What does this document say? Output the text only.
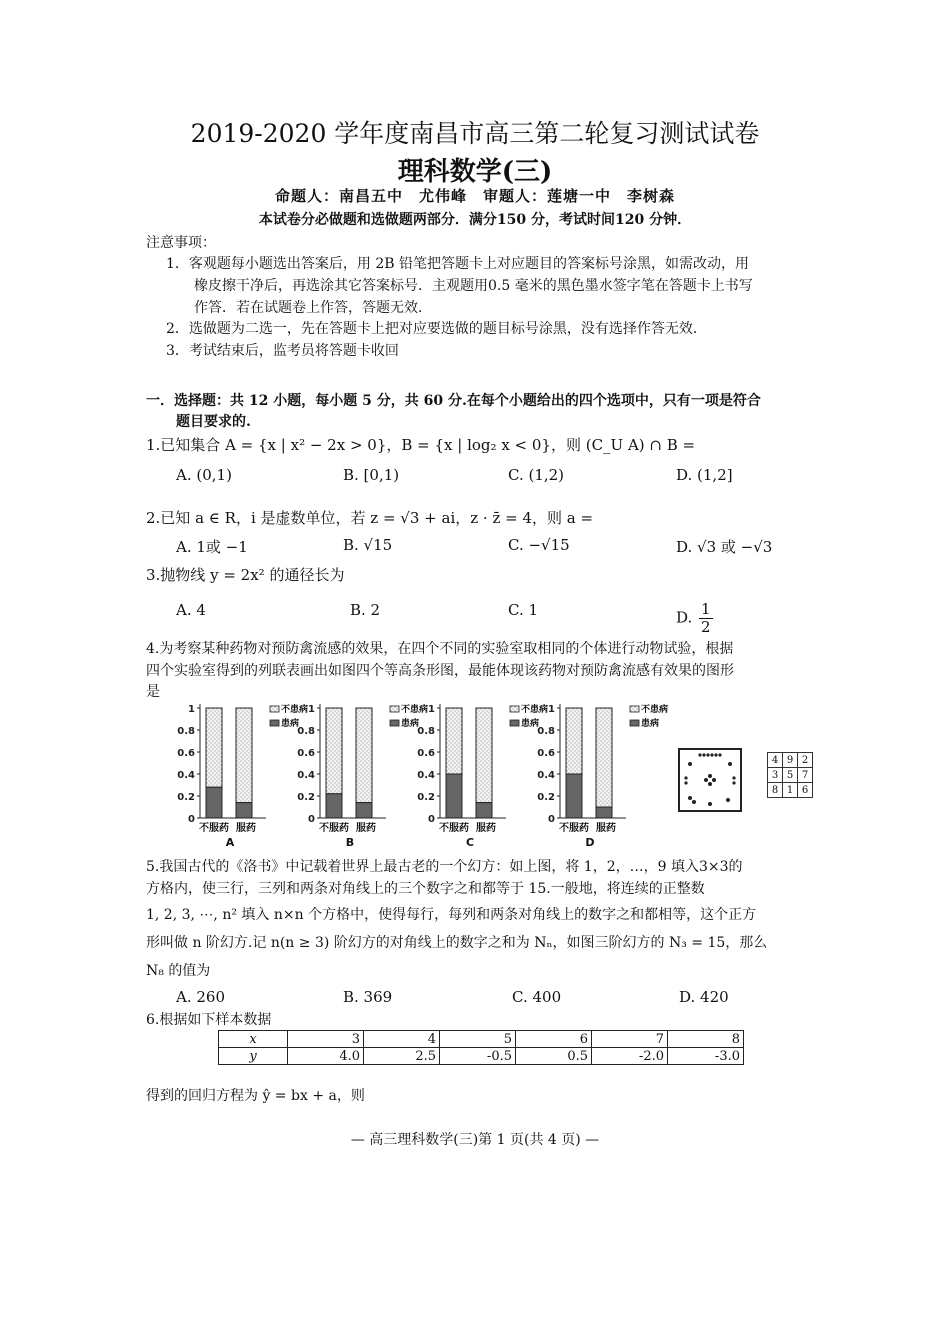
2019-2020 学年度南昌市高三第二轮复习测试试卷
理科数学(三)
命题人：南昌五中　尤伟峰　审题人：莲塘一中　李树森
本试卷分必做题和选做题两部分．满分150 分，考试时间120 分钟．
注意事项：
1．客观题每小题选出答案后，用 2B 铅笔把答题卡上对应题目的答案标号涂黑，如需改动，用
橡皮擦干净后，再选涂其它答案标号．主观题用0.5 毫米的黑色墨水签字笔在答题卡上书写
作答．若在试题卷上作答，答题无效．
2．选做题为二选一，先在答题卡上把对应要选做的题目标号涂黑，没有选择作答无效．
3．考试结束后，监考员将答题卡收回
一．选择题：共 12 小题，每小题 5 分，共 60 分.在每个小题给出的四个选项中，只有一项是符合
题目要求的.
1.已知集合 A = {x | x² − 2x > 0}，B = {x | log₂ x < 0}，则 (C_U A) ∩ B =
A. (0,1)	B. [0,1)	C. (1,2)	D. (1,2]
2.已知 a ∈ R，i 是虚数单位，若 z = √3 + ai，z · z̄ = 4，则 a =
A. 1或 −1	B. √15	C. −√15	D. √3 或 −√3
3.抛物线 y = 2x² 的通径长为
A. 4	B. 2	C. 1	D. $\frac{1}{2}$
4.为考察某种药物对预防禽流感的效果，在四个不同的实验室取相同的个体进行动物试验，根据
四个实验室得到的列联表画出如图四个等高条形图，最能体现该药物对预防禽流感有效果的图形
是
0
0.2
0.4
0.6
0.8
1
不服药 服药
A
不患病
患病
0
0.2
0.4
0.6
0.8
1
不服药 服药
B
不患病
患病
0
0.2
0.4
0.6
0.8
1
不服药 服药
C
不患病
患病
0
0.2
0.4
0.6
0.8
1
不服药 服药
D
不患病
患病
4	9	2
3	5	7
8	1	6
5.我国古代的《洛书》中记载着世界上最古老的一个幻方：如上图，将 1，2，…，9 填入3×3的
方格内，使三行，三列和两条对角线上的三个数字之和都等于 15.一般地，将连续的正整数
1, 2, 3, ⋯, n² 填入 n×n 个方格中，使得每行，每列和两条对角线上的数字之和都相等，这个正方
形叫做 n 阶幻方.记 n(n ≥ 3) 阶幻方的对角线上的数字之和为 Nₙ，如图三阶幻方的 N₃ = 15，那么
N₈ 的值为
A. 260	B. 369	C. 400	D. 420
6.根据如下样本数据
x	3	4	5	6	7	8
y	4.0	2.5	-0.5	0.5	-2.0	-3.0
得到的回归方程为 ŷ = bx + a，则
— 高三理科数学(三)第 1 页(共 4 页) —
